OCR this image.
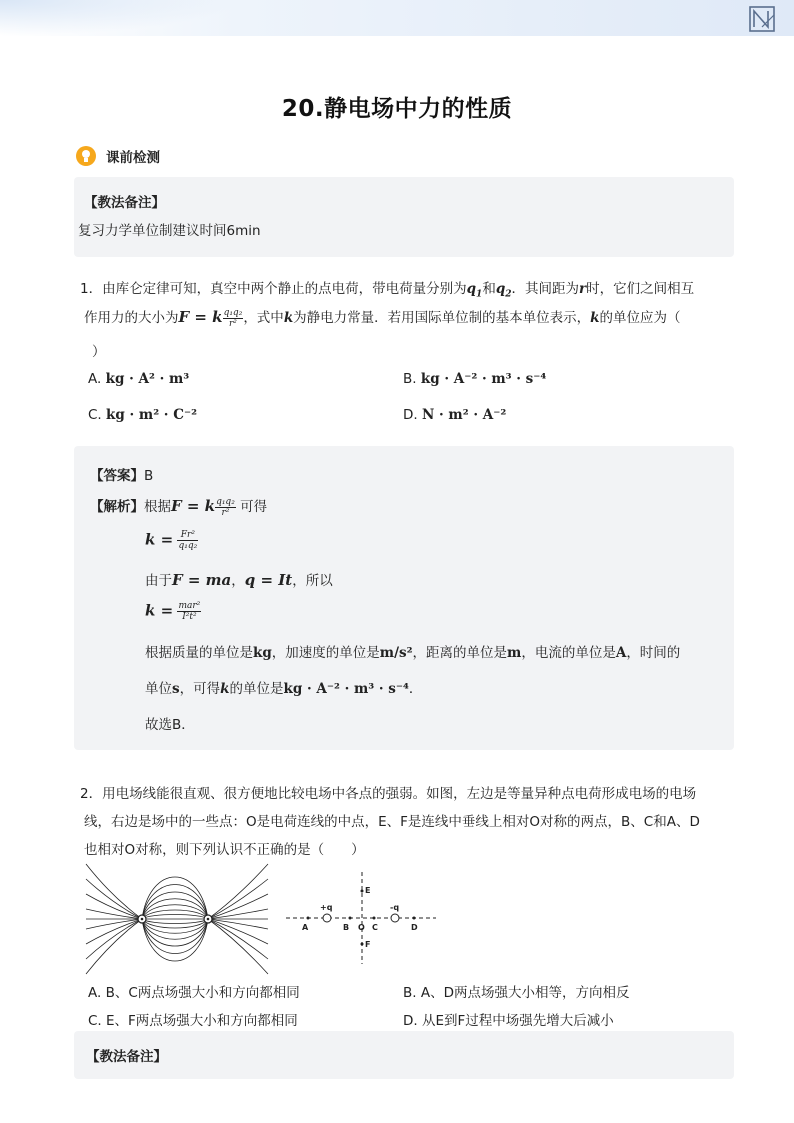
20.静电场中力的性质
课前检测
【教法备注】
复习力学单位制建议时间6min
1．由库仑定律可知，真空中两个静止的点电荷，带电荷量分别为$q_1$和$q_2$．其间距为r时，它们之间相互
作用力的大小为F = k $\frac{\text{q₁q₂}}{\text{r²}}$ ，式中k为静电力常量．若用国际单位制的基本单位表示，k的单位应为（
）
A. kg · A² · m³	B. kg · A⁻² · m³ · s⁻⁴
C. kg · m² · C⁻²	D. N · m² · A⁻²
【答案】B
【解析】根据F = k $\frac{\text{q₁q₂}}{\text{r²}}$ 可得
$k = \frac{\text{Fr²}}{\text{q₁q₂}}$
由于F = ma，q = It，所以
$k = \frac{\text{mar²}}{\text{I²t²}}$
根据质量的单位是kg，加速度的单位是m/s²，距离的单位是m，电流的单位是A，时间的
单位s，可得k的单位是kg · A⁻² · m³ · s⁻⁴．
故选B．
2．用电场线能很直观、很方便地比较电场中各点的强弱。如图，左边是等量异种点电荷形成电场的电场
线，右边是场中的一些点：O是电荷连线的中点，E、F是连线中垂线上相对O对称的两点，B、C和A、D
也相对O对称，则下列认识不正确的是（　　）
E
F
+q	-q
A	B O C	D
A. B、C两点场强大小和方向都相同	B. A、D两点场强大小相等，方向相反
C. E、F两点场强大小和方向都相同	D. 从E到F过程中场强先增大后减小
【教法备注】
